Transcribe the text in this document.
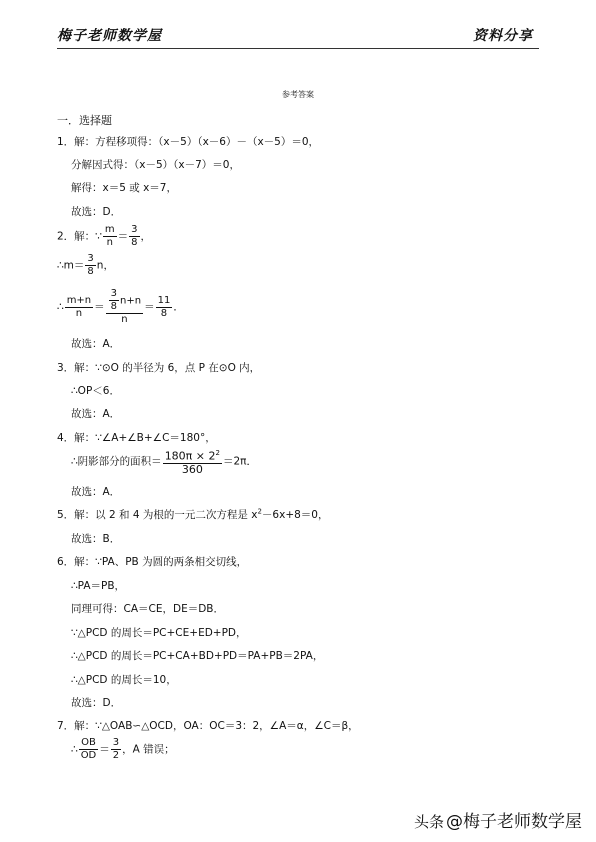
梅子老师数学屋	资料分享
参考答案
一．选择题
1．解：方程移项得：（x－5）（x－6）－（x－5）＝0，
分解因式得：（x－5）（x－7）＝0，
解得：x＝5 或 x＝7，
故选：D．
2．解：∵ $\frac{m}{n} = \frac{3}{8}$ ，
∴m＝ $\frac{3}{8}$ n，
∴ $\frac{m+n}{n} = \frac{\frac{3}{8} n+n}{n} = \frac{11}{8}$ ．
故选：A．
3．解：∵⊙O 的半径为 6，点 P 在⊙O 内，
∴OP＜6．
故选：A．
4．解：∵∠A+∠B+∠C＝180°，
∴阴影部分的面积＝ $\frac{180\pi \times 2^2}{360} =2\pi$．
故选：A．
5．解：以 2 和 4 为根的一元二次方程是 $x^2-6x+8=0$，
故选：B．
6．解：∵PA、PB 为圆的两条相交切线，
∴PA＝PB，
同理可得：CA＝CE，DE＝DB．
∵△PCD 的周长＝PC+CE+ED+PD，
∴△PCD 的周长＝PC+CA+BD+PD＝PA+PB＝2PA，
∴△PCD 的周长＝10，
故选：D．
7．解：∵△OAB∽△OCD，OA：OC＝3：2，∠A＝α，∠C＝β，
∴ $\frac{OB}{OD} = \frac{3}{2}$ ，A 错误；
头条 @梅子老师数学屋
